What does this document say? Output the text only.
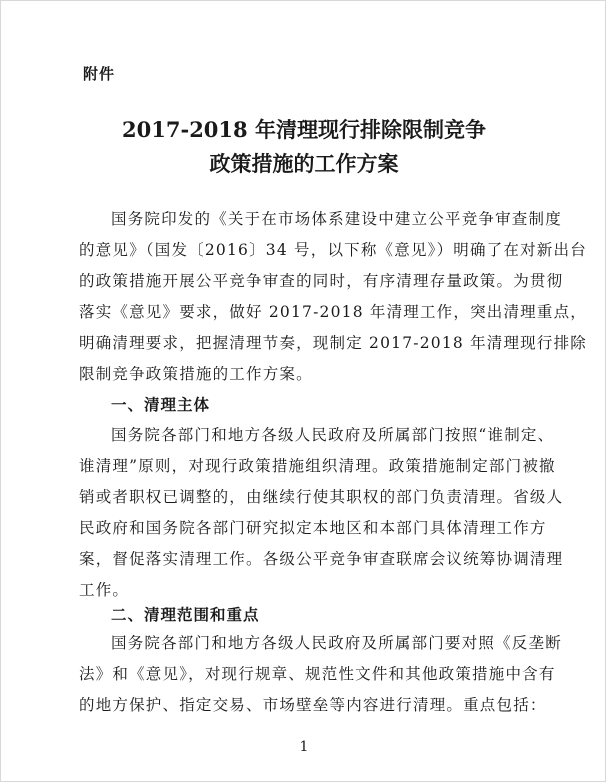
附件
2017-2018 年清理现行排除限制竞争
政策措施的工作方案
国务院印发的《关于在市场体系建设中建立公平竞争审查制度
的意见》（国发〔2016〕34 号，以下称《意见》）明确了在对新出台
的政策措施开展公平竞争审查的同时，有序清理存量政策。为贯彻
落实《意见》要求，做好 2017-2018 年清理工作，突出清理重点，
明确清理要求，把握清理节奏，现制定 2017-2018 年清理现行排除
限制竞争政策措施的工作方案。
一、清理主体
国务院各部门和地方各级人民政府及所属部门按照“谁制定、
谁清理”原则，对现行政策措施组织清理。政策措施制定部门被撤
销或者职权已调整的，由继续行使其职权的部门负责清理。省级人
民政府和国务院各部门研究拟定本地区和本部门具体清理工作方
案，督促落实清理工作。各级公平竞争审查联席会议统筹协调清理
工作。
二、清理范围和重点
国务院各部门和地方各级人民政府及所属部门要对照《反垄断
法》和《意见》，对现行规章、规范性文件和其他政策措施中含有
的地方保护、指定交易、市场壁垒等内容进行清理。重点包括：
1
